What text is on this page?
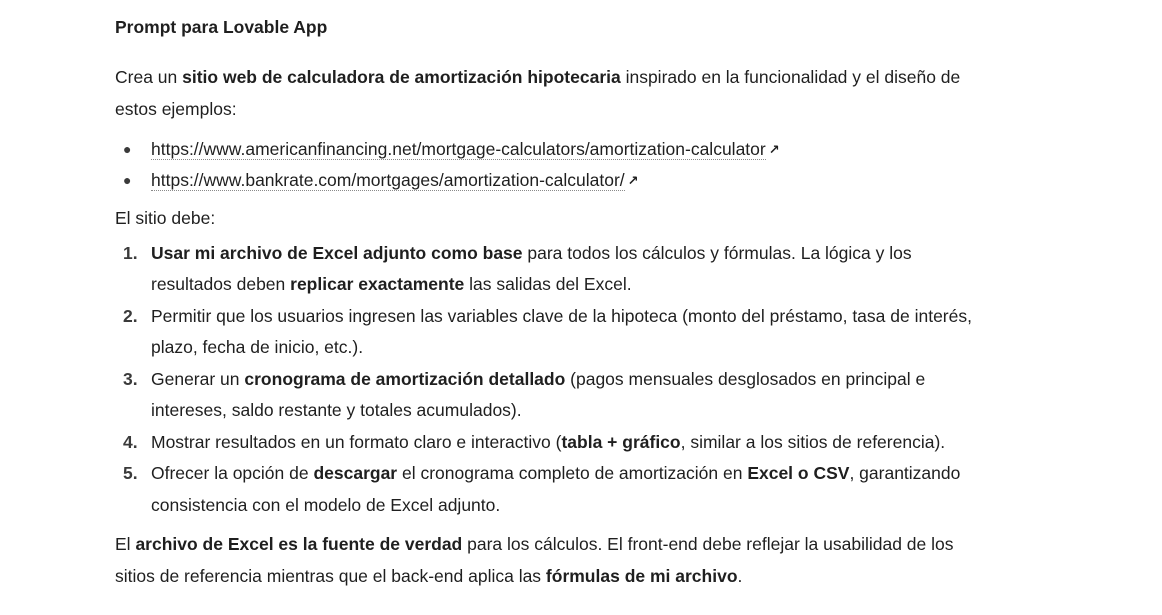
Prompt para Lovable App

Crea un sitio web de calculadora de amortización hipotecaria inspirado en la funcionalidad y el diseño de estos ejemplos:

● https://www.americanfinancing.net/mortgage-calculators/amortization-calculator ↗
● https://www.bankrate.com/mortgages/amortization-calculator/ ↗

El sitio debe:

1. Usar mi archivo de Excel adjunto como base para todos los cálculos y fórmulas. La lógica y los resultados deben replicar exactamente las salidas del Excel.
2. Permitir que los usuarios ingresen las variables clave de la hipoteca (monto del préstamo, tasa de interés, plazo, fecha de inicio, etc.).
3. Generar un cronograma de amortización detallado (pagos mensuales desglosados en principal e intereses, saldo restante y totales acumulados).
4. Mostrar resultados en un formato claro e interactivo (tabla + gráfico, similar a los sitios de referencia).
5. Ofrecer la opción de descargar el cronograma completo de amortización en Excel o CSV, garantizando consistencia con el modelo de Excel adjunto.

El archivo de Excel es la fuente de verdad para los cálculos. El front-end debe reflejar la usabilidad de los sitios de referencia mientras que el back-end aplica las fórmulas de mi archivo.
